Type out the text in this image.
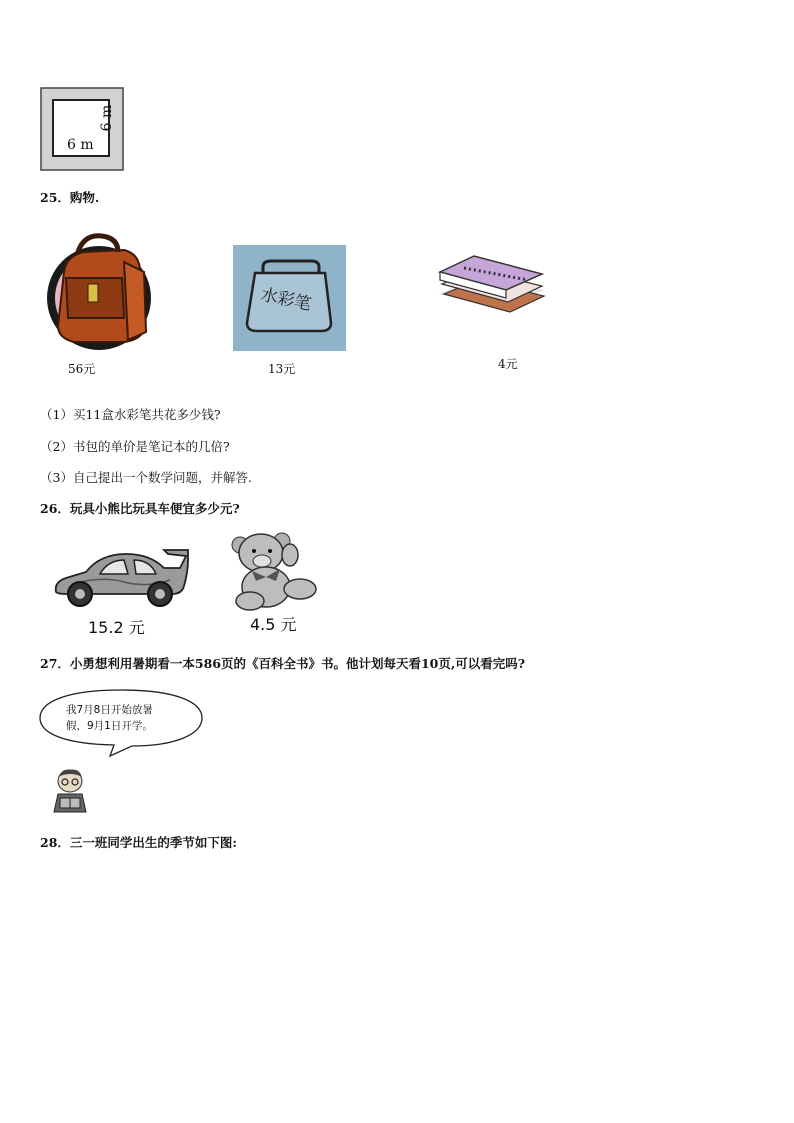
6 m
6 m
25．购物.
56元
水彩笔
13元	4元
（1）买11盒水彩笔共花多少钱?
（2）书包的单价是笔记本的几倍?
（3）自己提出一个数学问题，并解答.
26．玩具小熊比玩具车便宜多少元?
15.2 元	4.5 元
27．小勇想利用暑期看一本586页的《百科全书》书。他计划每天看10页,可以看完吗?
我7月8日开始放暑
假，9月1日开学。
28．三一班同学出生的季节如下图:
